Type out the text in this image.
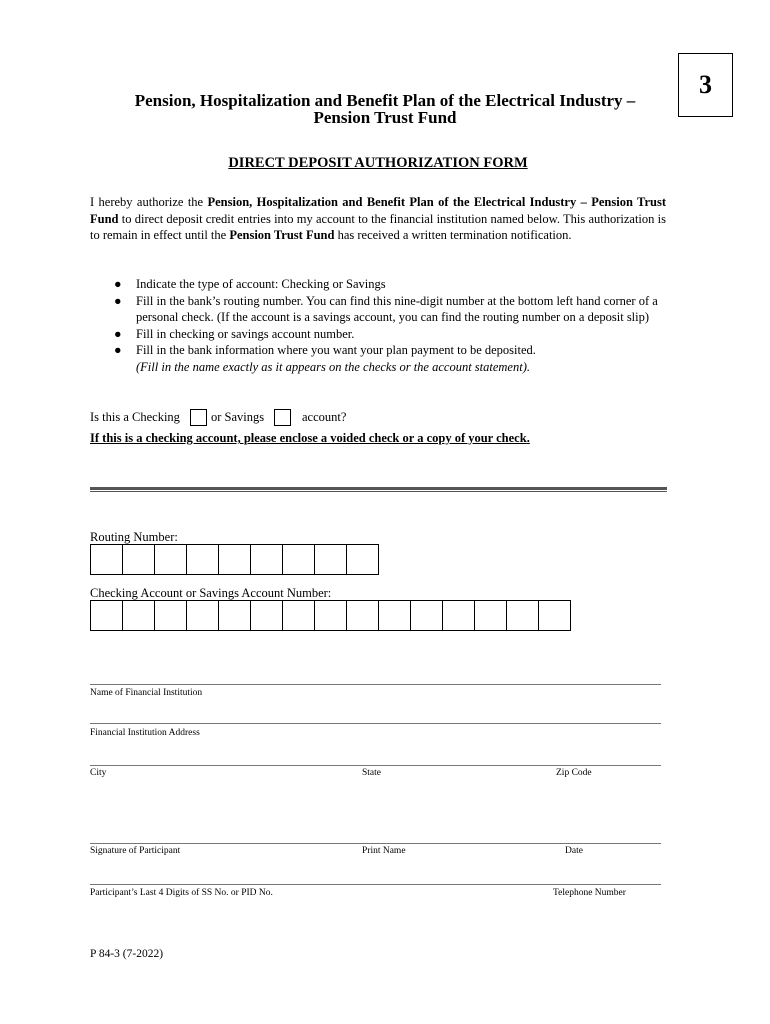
3
Pension, Hospitalization and Benefit Plan of the Electrical Industry –
Pension Trust Fund
DIRECT DEPOSIT AUTHORIZATION FORM
I hereby authorize the Pension, Hospitalization and Benefit Plan of the Electrical Industry – Pension Trust Fund to direct deposit credit entries into my account to the financial institution named below. This authorization is to remain in effect until the Pension Trust Fund has received a written termination notification.
● Indicate the type of account: Checking or Savings
● Fill in the bank’s routing number. You can find this nine-digit number at the bottom left hand corner of a personal check. (If the account is a savings account, you can find the routing number on a deposit slip)
● Fill in checking or savings account number.
● Fill in the bank information where you want your plan payment to be deposited.
(Fill in the name exactly as it appears on the checks or the account statement).
Is this a Checking or Savings	account?
If this is a checking account, please enclose a voided check or a copy of your check.
Routing Number:
Checking Account or Savings Account Number:
Name of Financial Institution
Financial Institution Address
City	State	Zip Code
Signature of Participant	Print Name	Date
Participant’s Last 4 Digits of SS No. or PID No.	Telephone Number
P 84-3 (7-2022)
